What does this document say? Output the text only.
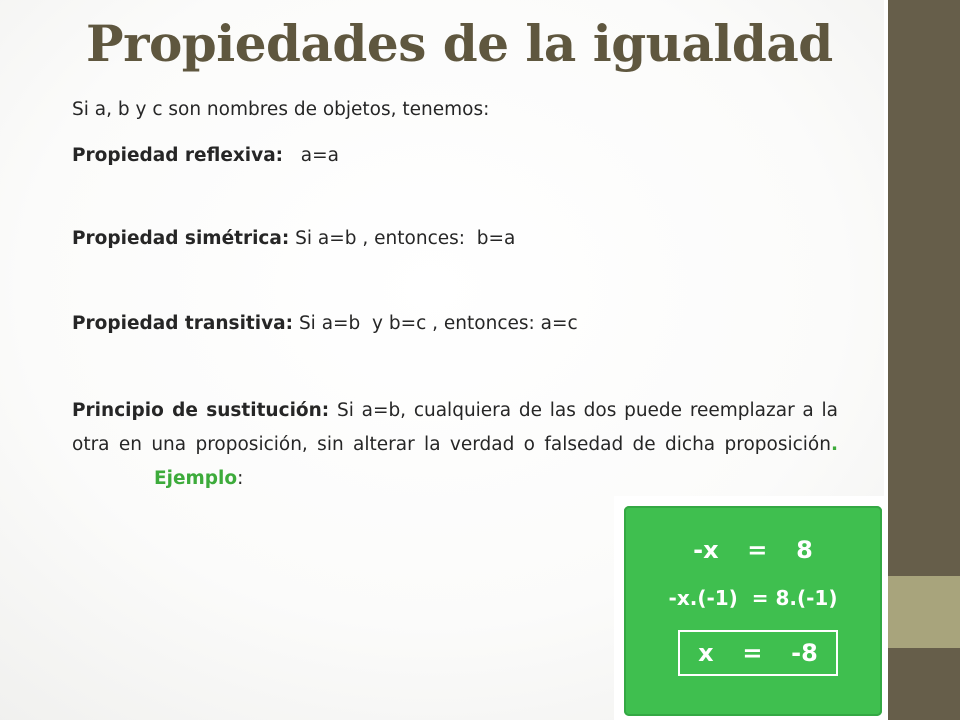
Propiedades de la igualdad
Si a, b y c son nombres de objetos, tenemos:
Propiedad reflexiva: a=a
Propiedad simétrica: Si a=b , entonces:  b=a
Propiedad transitiva: Si a=b  y b=c , entonces: a=c
Principio de sustitución: Si a=b, cualquiera de las dos puede reemplazar a la otra en una proposición, sin alterar la verdad o falsedad de dicha proposición. Ejemplo:
-x  =  8
-x.(-1)  = 8.(-1)
x  =  -8
